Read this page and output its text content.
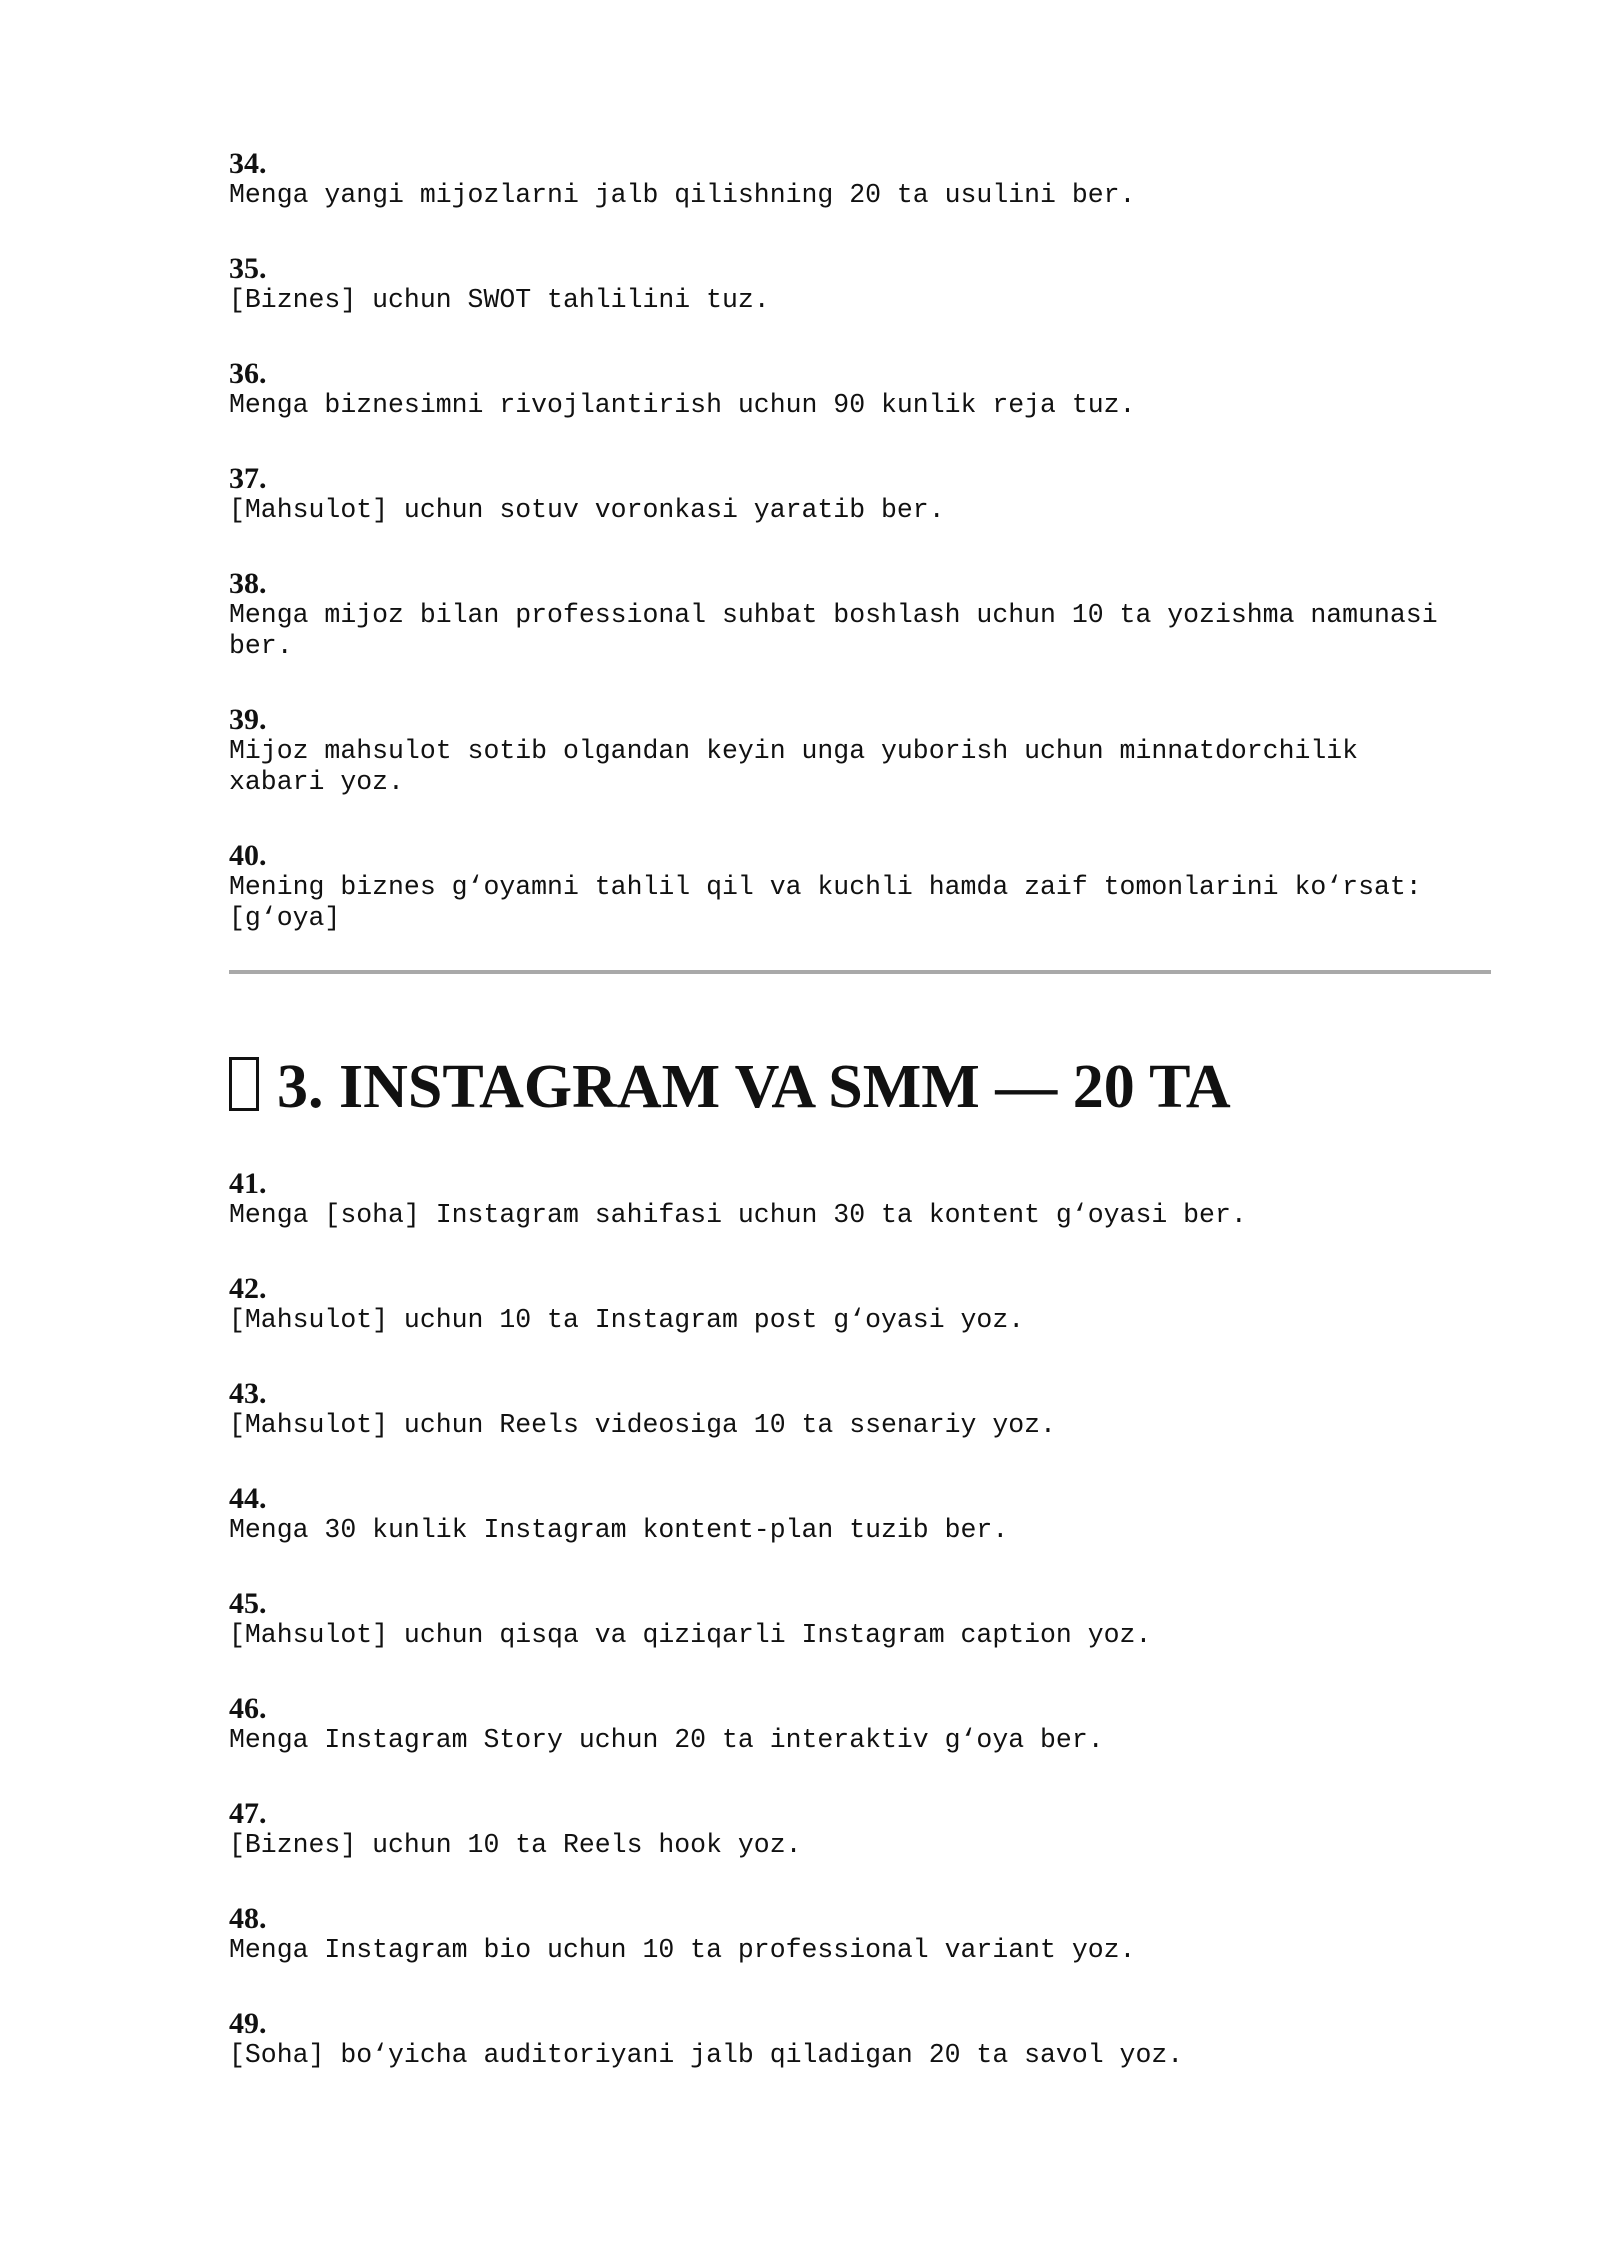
34.
Menga yangi mijozlarni jalb qilishning 20 ta usulini ber.
35.
[Biznes] uchun SWOT tahlilini tuz.
36.
Menga biznesimni rivojlantirish uchun 90 kunlik reja tuz.
37.
[Mahsulot] uchun sotuv voronkasi yaratib ber.
38.
Menga mijoz bilan professional suhbat boshlash uchun 10 ta yozishma namunasi
ber.
39.
Mijoz mahsulot sotib olgandan keyin unga yuborish uchun minnatdorchilik
xabari yoz.
40.
Mening biznes g‘oyamni tahlil qil va kuchli hamda zaif tomonlarini ko‘rsat:
[g‘oya]
3. INSTAGRAM VA SMM — 20 TA
41.
Menga [soha] Instagram sahifasi uchun 30 ta kontent g‘oyasi ber.
42.
[Mahsulot] uchun 10 ta Instagram post g‘oyasi yoz.
43.
[Mahsulot] uchun Reels videosiga 10 ta ssenariy yoz.
44.
Menga 30 kunlik Instagram kontent-plan tuzib ber.
45.
[Mahsulot] uchun qisqa va qiziqarli Instagram caption yoz.
46.
Menga Instagram Story uchun 20 ta interaktiv g‘oya ber.
47.
[Biznes] uchun 10 ta Reels hook yoz.
48.
Menga Instagram bio uchun 10 ta professional variant yoz.
49.
[Soha] bo‘yicha auditoriyani jalb qiladigan 20 ta savol yoz.
